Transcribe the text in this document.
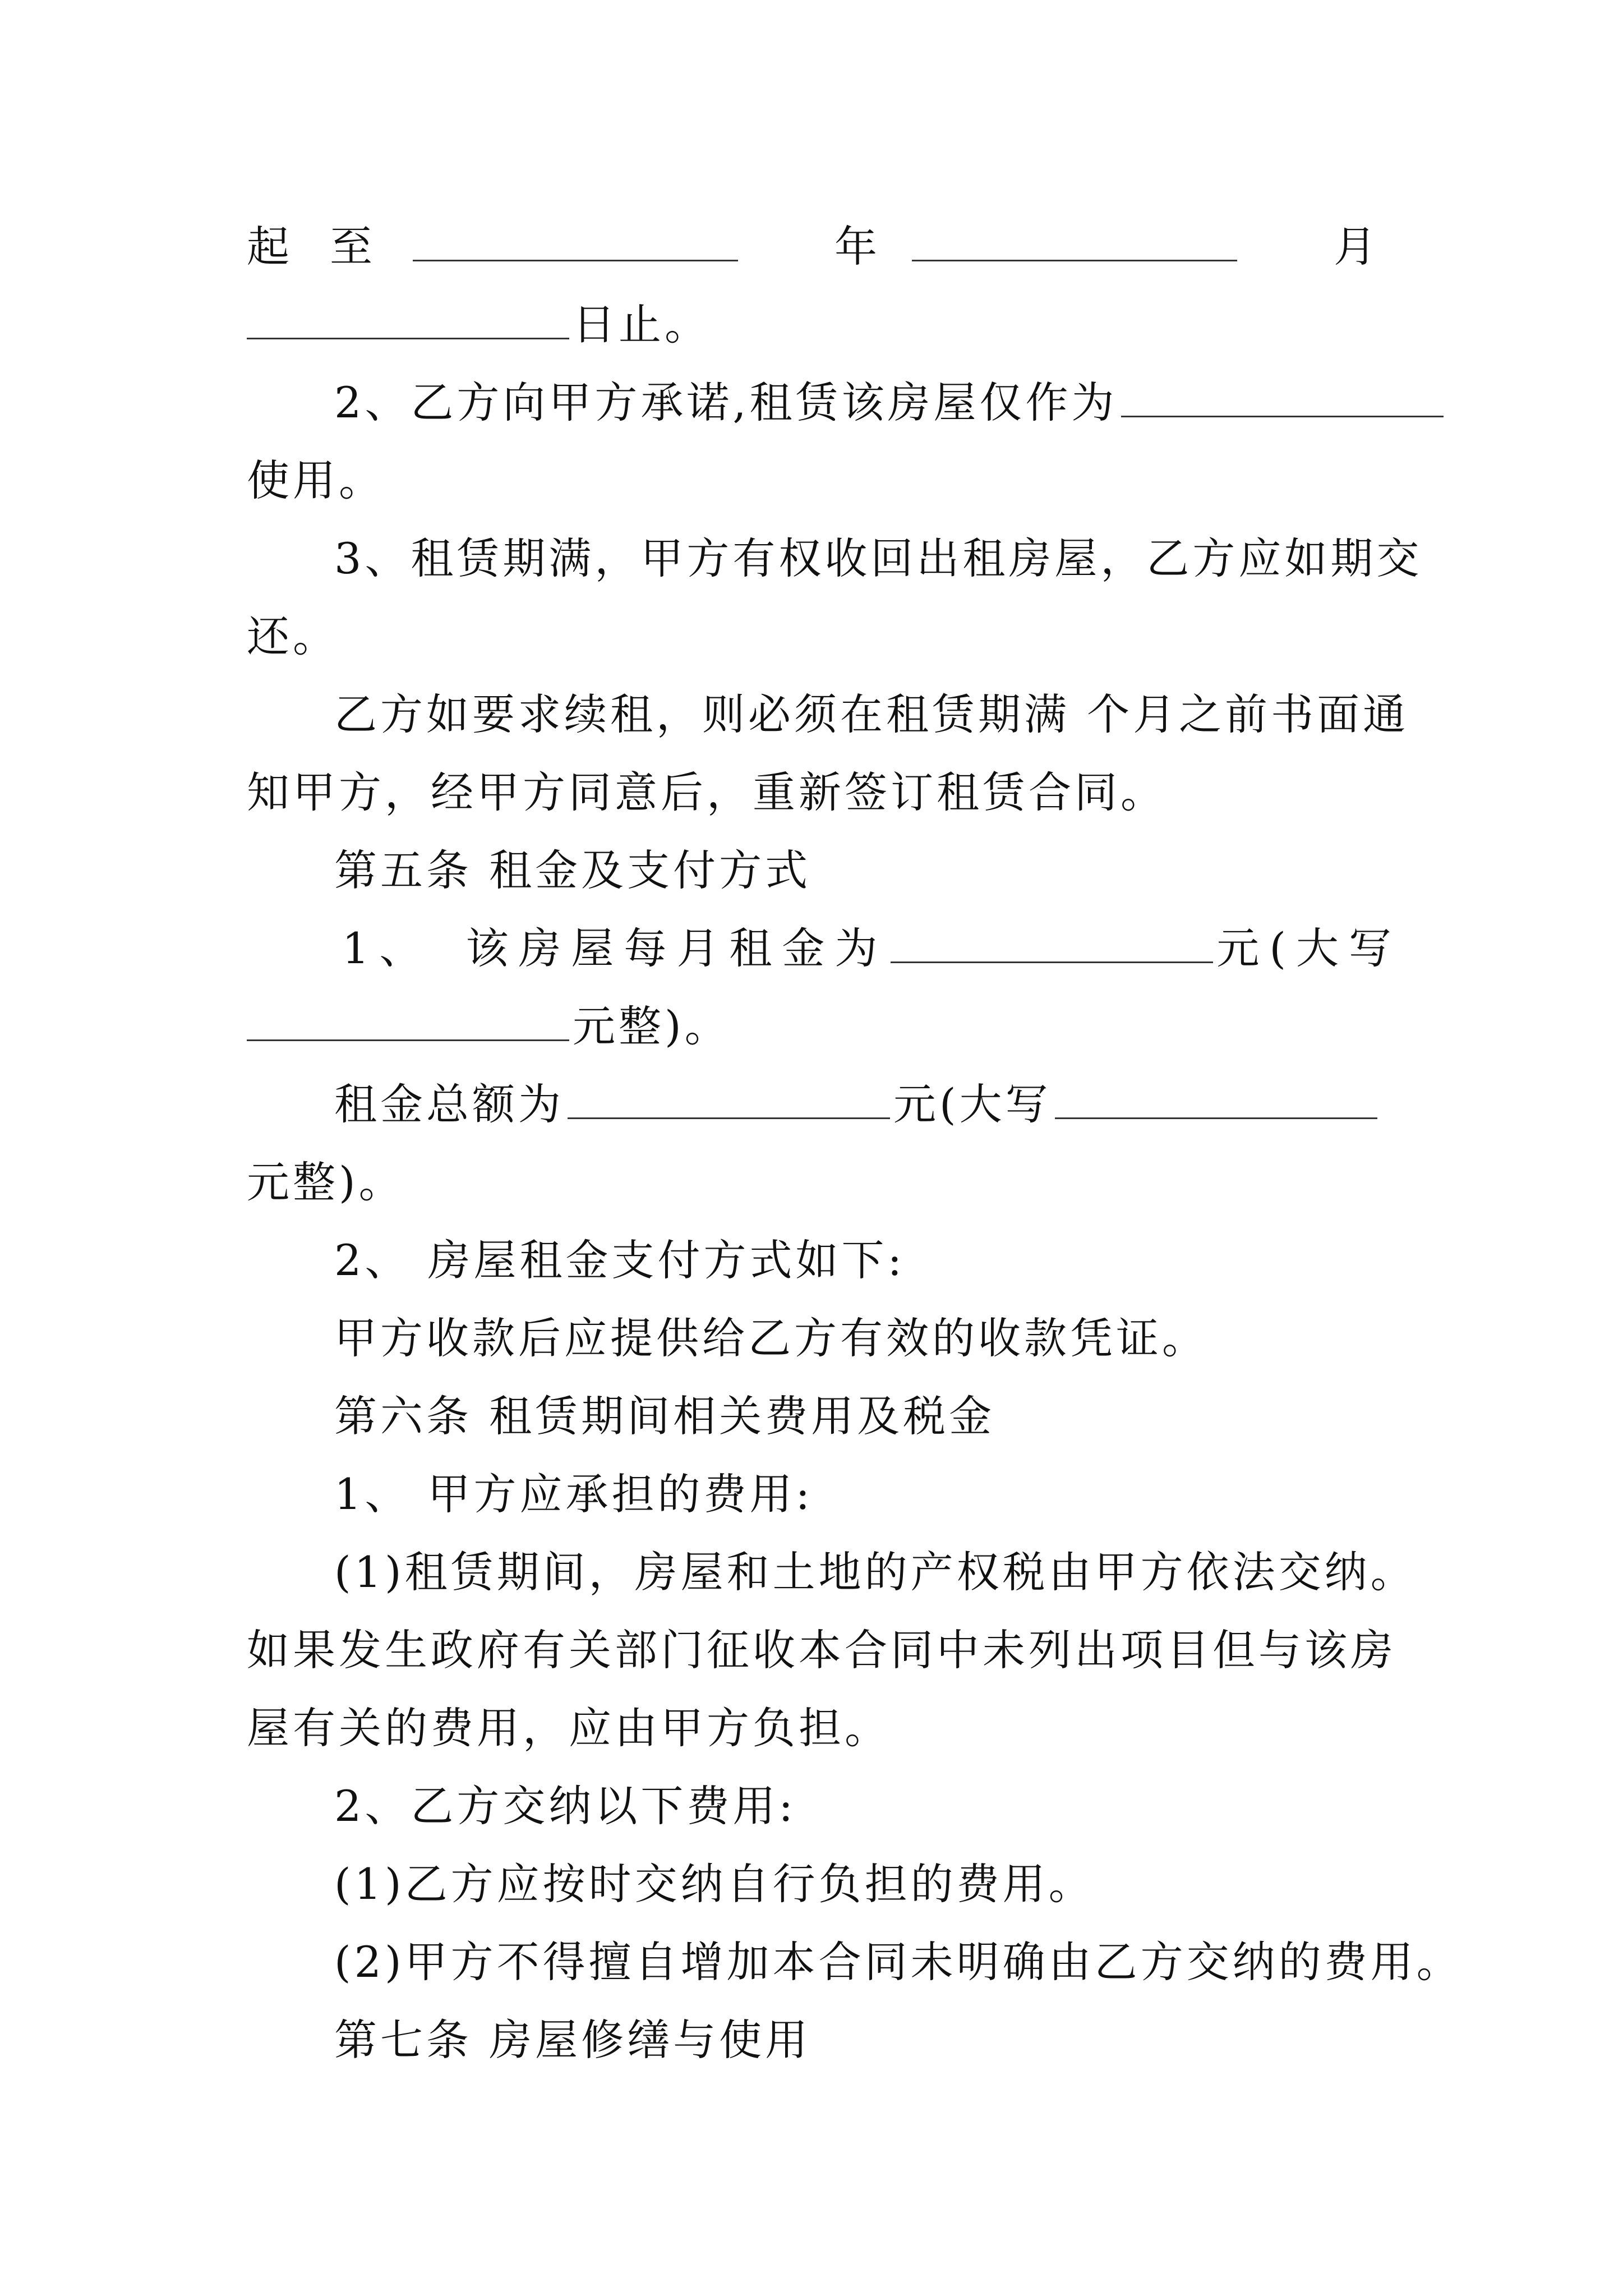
起 至	年	月
日止。
2、乙方向甲方承诺,租赁该房屋仅作为
使用。
3、租赁期满，甲方有权收回出租房屋，乙方应如期交
还。
乙方如要求续租，则必须在租赁期满 个月之前书面通
知甲方，经甲方同意后，重新签订租赁合同。
第五条 租金及支付方式
1、 该房屋每月租金为	元(大写
元整)。
租金总额为	元(大写
元整)。
2、 房屋租金支付方式如下:
甲方收款后应提供给乙方有效的收款凭证。
第六条 租赁期间相关费用及税金
1、 甲方应承担的费用:
(1)租赁期间，房屋和土地的产权税由甲方依法交纳。
如果发生政府有关部门征收本合同中未列出项目但与该房
屋有关的费用，应由甲方负担。
2、乙方交纳以下费用:
(1)乙方应按时交纳自行负担的费用。
(2)甲方不得擅自增加本合同未明确由乙方交纳的费用。
第七条 房屋修缮与使用
